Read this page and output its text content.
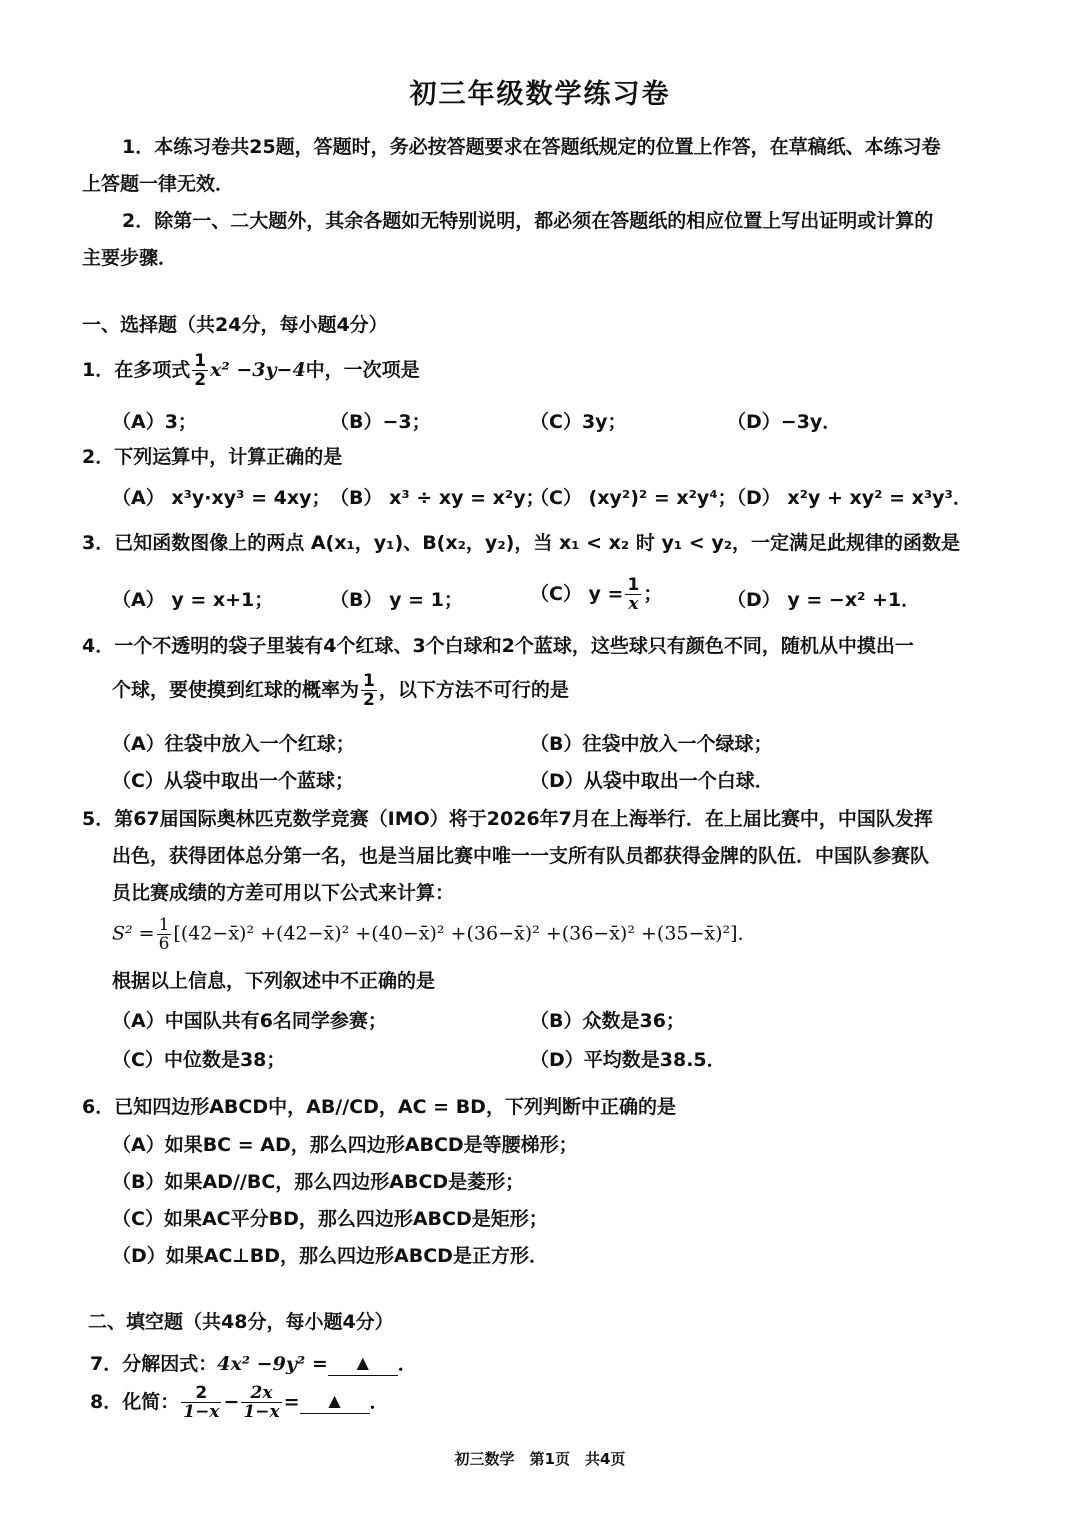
初三年级数学练习卷
1．本练习卷共25题，答题时，务必按答题要求在答题纸规定的位置上作答，在草稿纸、本练习卷
上答题一律无效．
2．除第一、二大题外，其余各题如无特别说明，都必须在答题纸的相应位置上写出证明或计算的
主要步骤．
一、选择题（共24分，每小题4分）
1．在多项式 $\frac{1}{2} x^2 -3y-4$中，一次项是
（A）3；	（B）−3；	（C）3y；	（D）−3y．
2．下列运算中，计算正确的是
（A） x³y·xy³ = 4xy； （B） x³ ÷ xy = x²y；
（C） (xy²)² = x²y⁴；
（D） x²y + xy² = x³y³．
3．已知函数图像上的两点 A(x₁，y₁)、B(x₂，y₂)，当 x₁ < x₂ 时 y₁ < y₂，一定满足此规律的函数是
（A） y = x+1；	（B） y = 1；	（C） $y = \frac{1}{x}$ ；	（D） y = −x² +1．
4．一个不透明的袋子里装有4个红球、3个白球和2个蓝球，这些球只有颜色不同，随机从中摸出一
个球，要使摸到红球的概率为 $\frac{1}{2}$ ，以下方法不可行的是
（A）往袋中放入一个红球；	（B）往袋中放入一个绿球；
（C）从袋中取出一个蓝球；	（D）从袋中取出一个白球．
5．第67届国际奥林匹克数学竞赛（IMO）将于2026年7月在上海举行．在上届比赛中，中国队发挥
出色，获得团体总分第一名，也是当届比赛中唯一一支所有队员都获得金牌的队伍．中国队参赛队
员比赛成绩的方差可用以下公式来计算：
$S^2 = \frac{1}{6}$ [(42−x̄)² +(42−x̄)² +(40−x̄)² +(36−x̄)² +(36−x̄)² +(35−x̄)²]．
根据以上信息，下列叙述中不正确的是
（A）中国队共有6名同学参赛；	（B）众数是36；
（C）中位数是38；	（D）平均数是38.5．
6．已知四边形ABCD中，AB//CD，AC = BD，下列判断中正确的是
（A）如果BC = AD，那么四边形ABCD是等腰梯形；
（B）如果AD//BC，那么四边形ABCD是菱形；
（C）如果AC平分BD，那么四边形ABCD是矩形；
（D）如果AC⊥BD，那么四边形ABCD是正方形．
二、填空题（共48分，每小题4分）
7．分解因式：4x² −9y² = ▲ ．
8．化简： $\frac{2}{1-x} - \frac{2x}{1-x}$ = ▲ ．
初三数学　第1页　共4页
